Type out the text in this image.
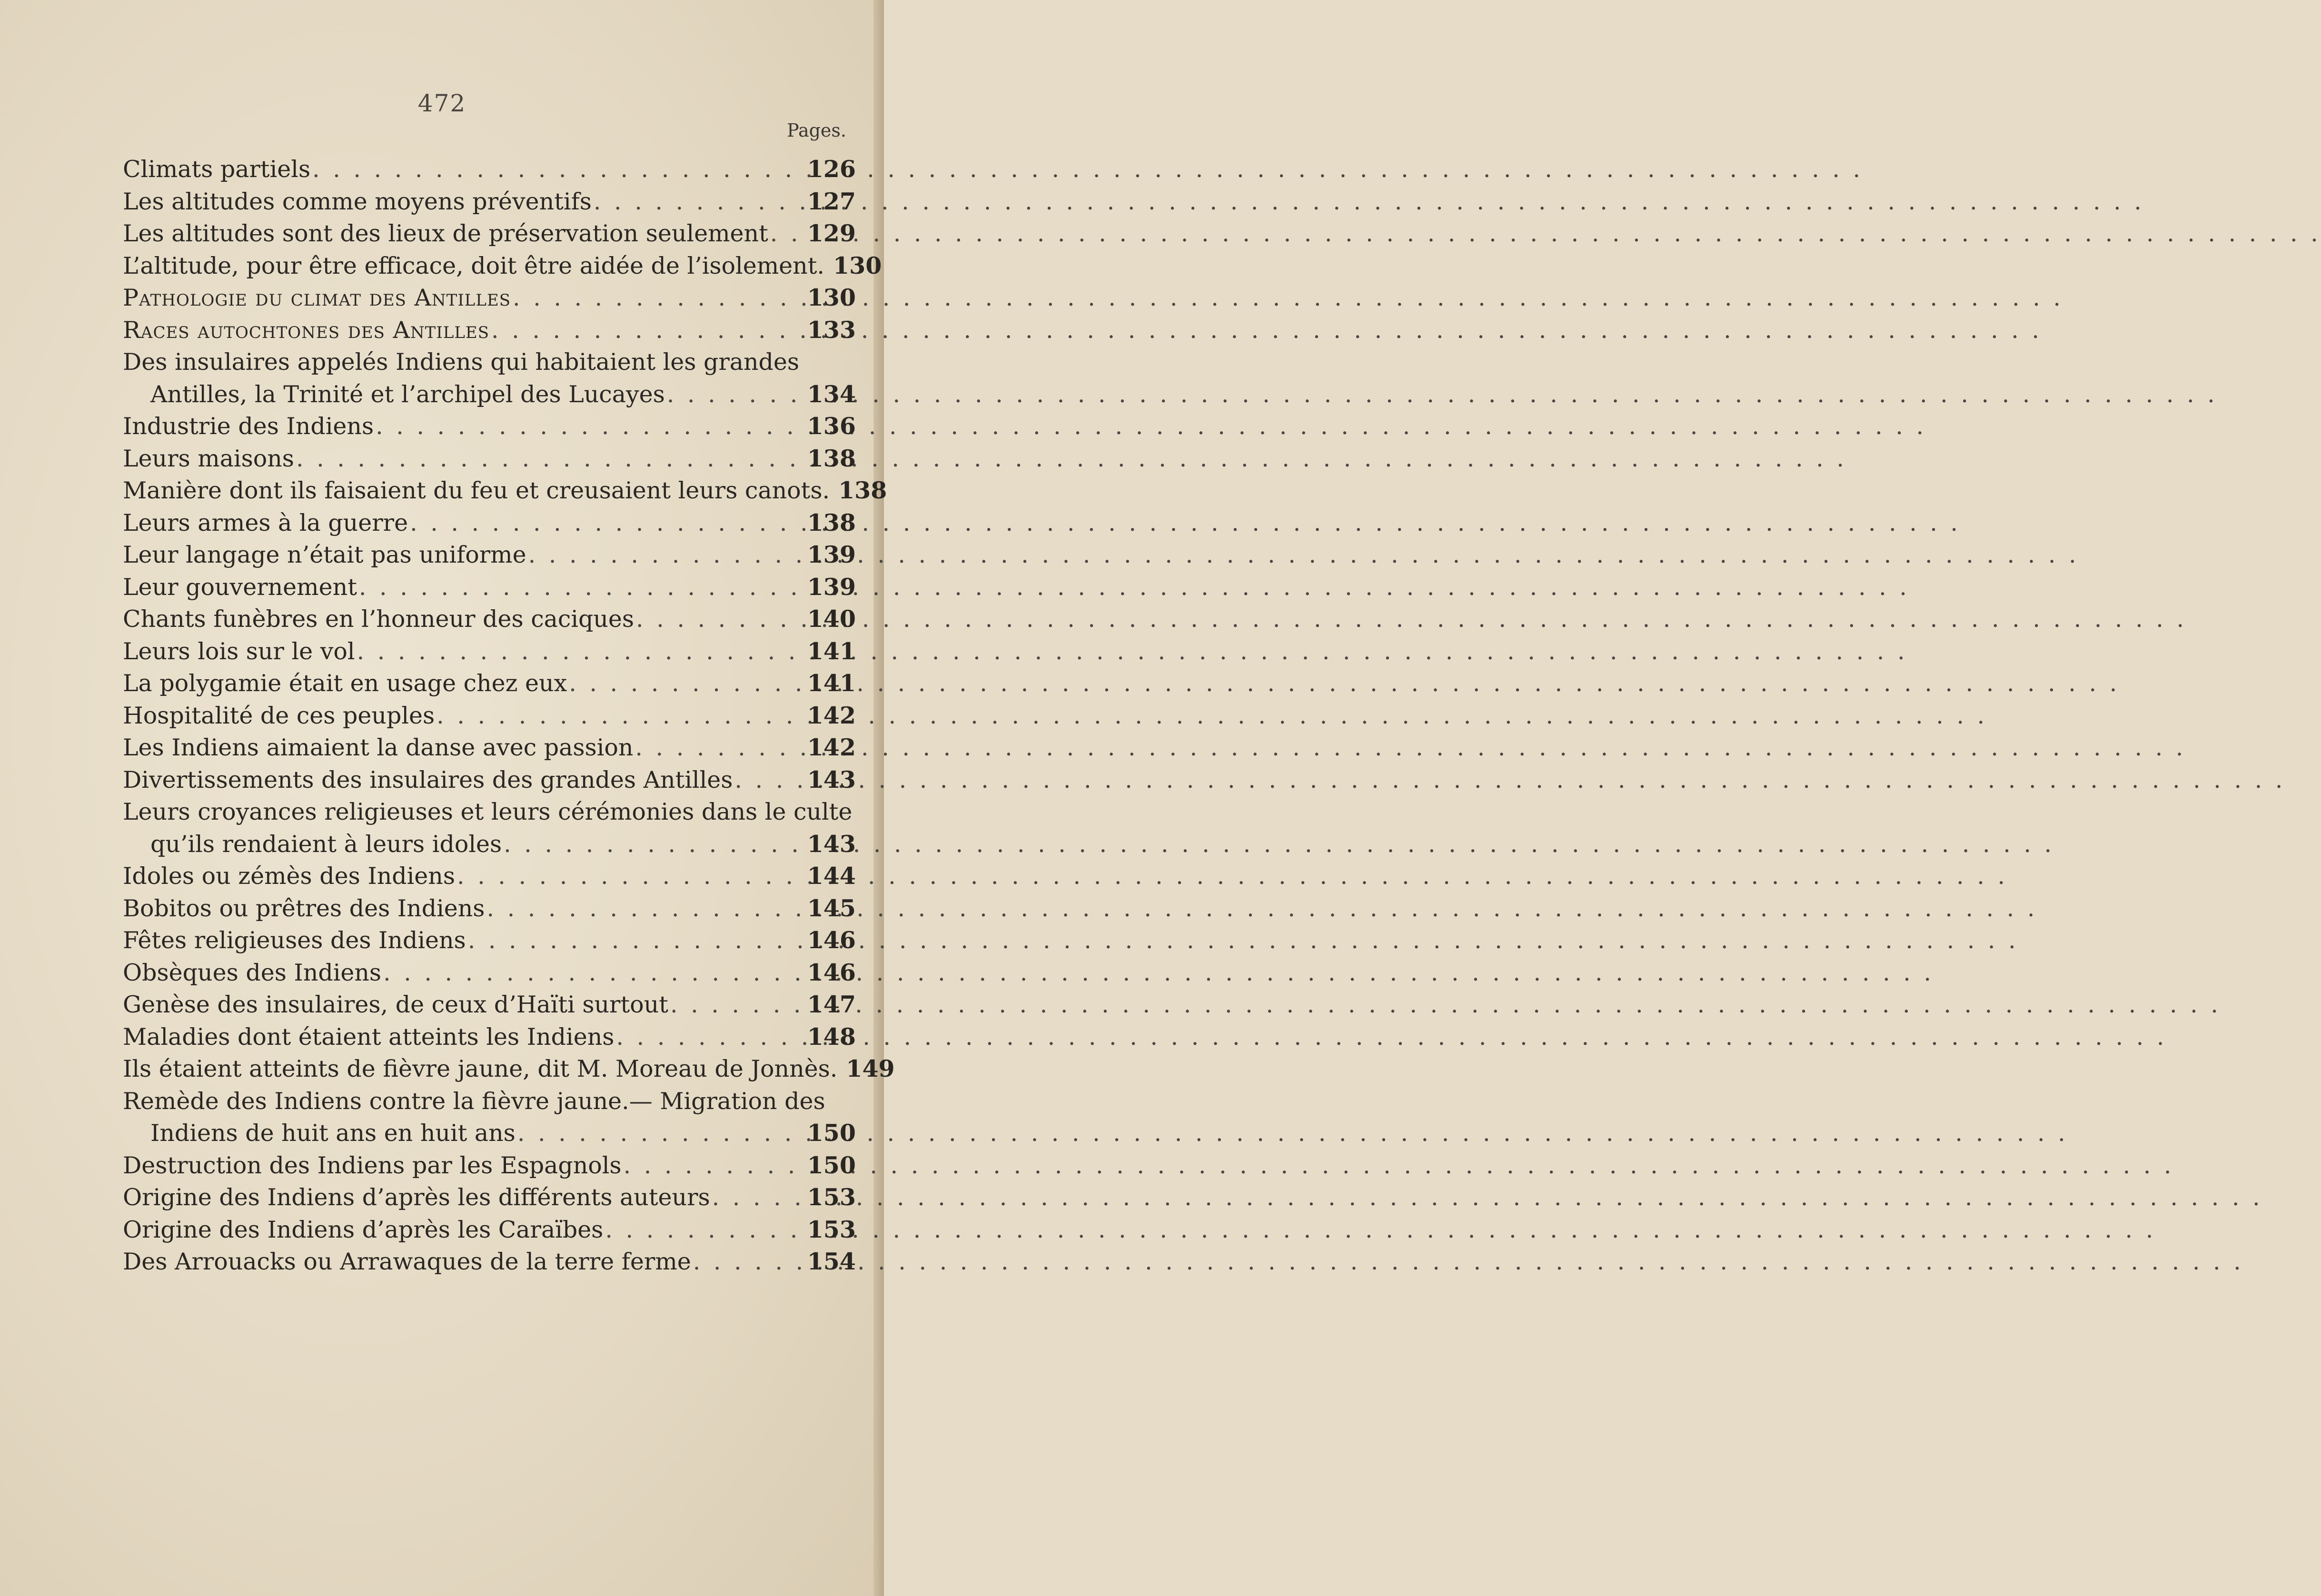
472
Pages.
Climats partiels . . .	126
Les altitudes comme moyens préventifs . . .	127
Les altitudes sont des lieux de préservation seulement . . . 129
L’altitude, pour être efficace, doit être aidée de l’isolement. 130
Pathologie du climat des Antilles . . .	130
Races autochtones des Antilles . . .	133
Des insulaires appelés Indiens qui habitaient les grandes
Antilles, la Trinité et l’archipel des Lucayes . . .	134
Industrie des Indiens . . .	136
Leurs maisons . . .	138
Manière dont ils faisaient du feu et creusaient leurs canots. 138
Leurs armes à la guerre . . .	138
Leur langage n’était pas uniforme . . .	139
Leur gouvernement . . .	139
Chants funèbres en l’honneur des caciques . . .	140
Leurs lois sur le vol . . .	141
La polygamie était en usage chez eux . . .	141
Hospitalité de ces peuples . . .	142
Les Indiens aimaient la danse avec passion . . .	142
Divertissements des insulaires des grandes Antilles . . .	143
Leurs croyances religieuses et leurs cérémonies dans le culte
qu’ils rendaient à leurs idoles . . .	143
Idoles ou zémès des Indiens . . .	144
Bobitos ou prêtres des Indiens . . .	145
Fêtes religieuses des Indiens . . .	146
Obsèques des Indiens . . .	146
Genèse des insulaires, de ceux d’Haïti surtout . . .	147
Maladies dont étaient atteints les Indiens . . .	148
Ils étaient atteints de fièvre jaune, dit M. Moreau de Jonnès. 149
Remède des Indiens contre la fièvre jaune.— Migration des
Indiens de huit ans en huit ans . . .	150
Destruction des Indiens par les Espagnols . . .	150
Origine des Indiens d’après les différents auteurs . . .	153
Origine des Indiens d’après les Caraïbes . . .	153
Des Arrouacks ou Arrawaques de la terre ferme . . .	154
